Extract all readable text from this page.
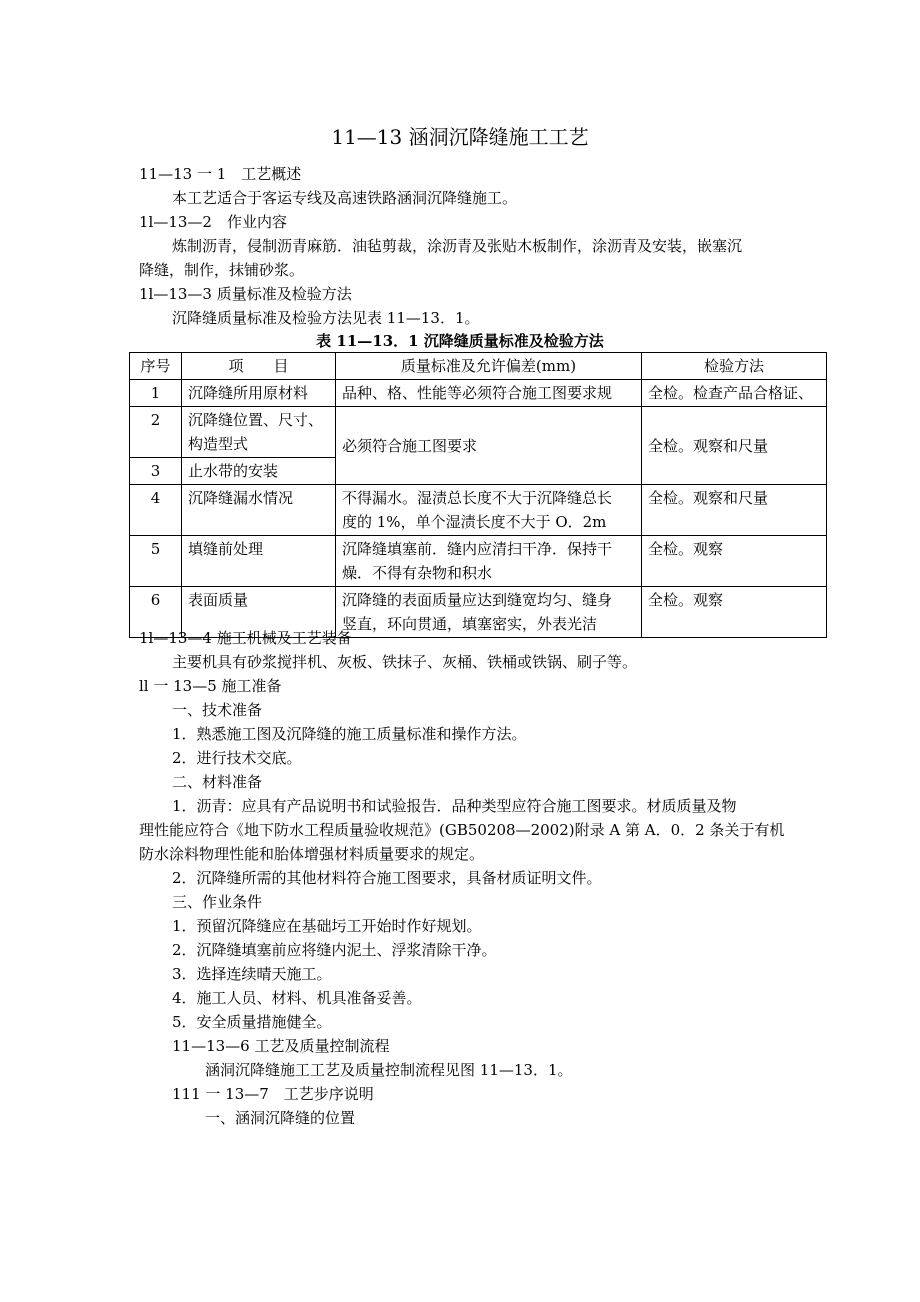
11—13 涵洞沉降缝施工工艺
11—13 一 1　工艺概述
本工艺适合于客运专线及高速铁路涵洞沉降缝施工。
1l—13—2　作业内容
炼制沥青，侵制沥青麻筋．油毡剪裁，涂沥青及张贴木板制作，涂沥青及安装，嵌塞沉
降缝，制作，抹铺砂浆。
1l—13—3 质量标准及检验方法
沉降缝质量标准及检验方法见表 11—13．1。
表 11—13．1 沉降缝质量标准及检验方法
序号	项　　目	质量标准及允许偏差(mm)	检验方法
1	沉降缝所用原材料	品种、格、性能等必须符合施工图要求规	全检。检查产品合格证、
2	沉降缝位置、尺寸、
构造型式	必须符合施工图要求	全检。观察和尺量
3	止水带的安装		
4	沉降缝漏水情况	不得漏水。湿渍总长度不大于沉降缝总长
度的 1%，单个湿渍长度不大于 O．2m	全检。观察和尺量
5	填缝前处理	沉降缝填塞前．缝内应清扫干净．保持干
燥．不得有杂物和积水	全检。观察
6	表面质量	沉降缝的表面质量应达到缝宽均匀、缝身
竖直，环向贯通，填塞密实，外表光洁	全检。观察
1l—13—4 施工机械及工艺装备
主要机具有砂浆搅拌机、灰板、铁抹子、灰桶、铁桶或铁锅、刷子等。
ll 一 13—5 施工准备
一、技术准备
1．熟悉施工图及沉降缝的施工质量标准和操作方法。
2．进行技术交底。
二、材料准备
1．沥青：应具有产品说明书和试验报告．品种类型应符合施工图要求。材质质量及物
理性能应符合《地下防水工程质量验收规范》(GB50208—2002)附录 A 第 A．0．2 条关于有机
防水涂料物理性能和胎体增强材料质量要求的规定。
2．沉降缝所需的其他材料符合施工图要求，具备材质证明文件。
三、作业条件
1．预留沉降缝应在基础圬工开始时作好规划。
2．沉降缝填塞前应将缝内泥土、浮浆清除干净。
3．选择连续晴天施工。
4．施工人员、材料、机具准备妥善。
5．安全质量措施健全。
11—13—6 工艺及质量控制流程
涵洞沉降缝施工工艺及质量控制流程见图 11—13．1。
111 一 13—7　工艺步序说明
一、涵洞沉降缝的位置
